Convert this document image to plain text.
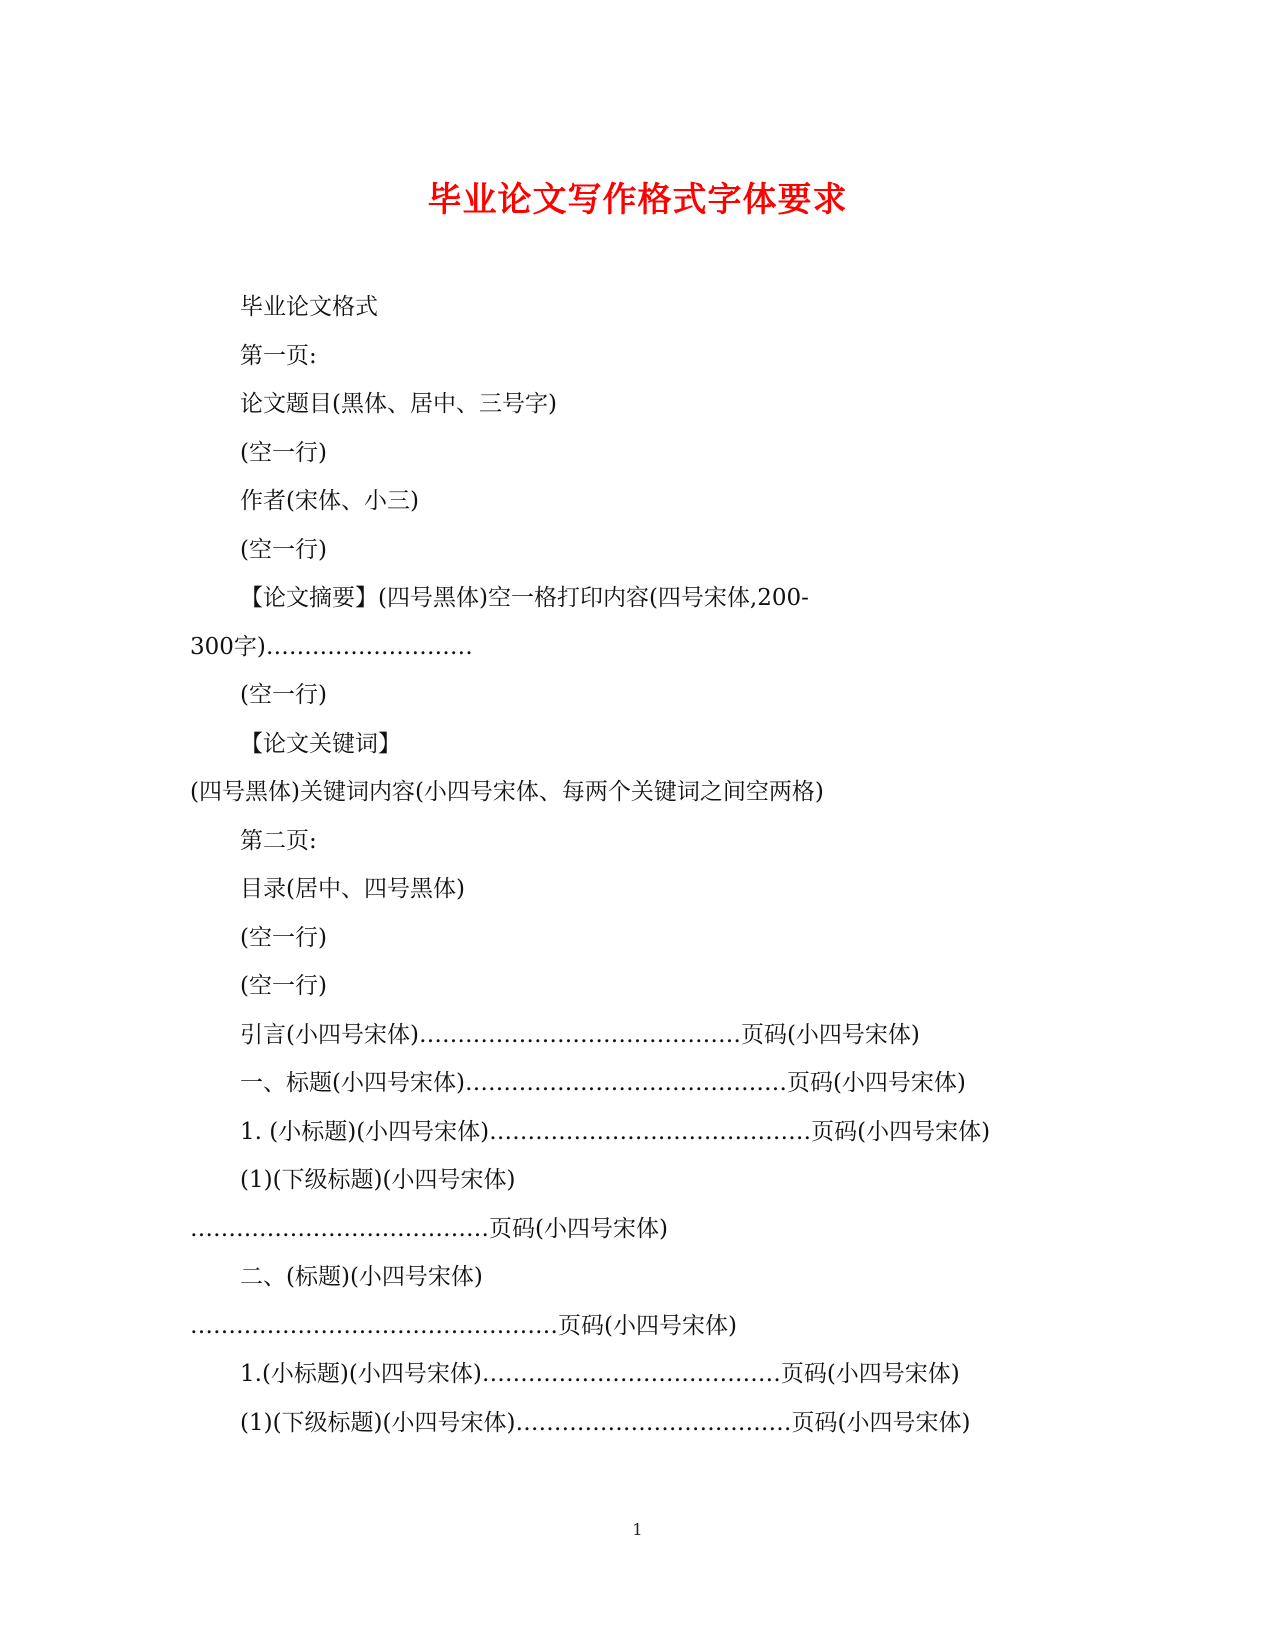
毕业论文写作格式字体要求
毕业论文格式
第一页:
论文题目(黑体、居中、三号字)
(空一行)
作者(宋体、小三)
(空一行)
【论文摘要】(四号黑体)空一格打印内容(四号宋体,200-
300字)………………………
(空一行)
【论文关键词】
(四号黑体)关键词内容(小四号宋体、每两个关键词之间空两格)
第二页:
目录(居中、四号黑体)
(空一行)
(空一行)
引言(小四号宋体)……………………………………页码(小四号宋体)
一、标题(小四号宋体)……………………………………页码(小四号宋体)
1. (小标题)(小四号宋体)……………………………………页码(小四号宋体)
(1)(下级标题)(小四号宋体)
…………………………………页码(小四号宋体)
二、(标题)(小四号宋体)
…………………………………………页码(小四号宋体)
1.(小标题)(小四号宋体)…………………………………页码(小四号宋体)
(1)(下级标题)(小四号宋体)………………………………页码(小四号宋体)
1
